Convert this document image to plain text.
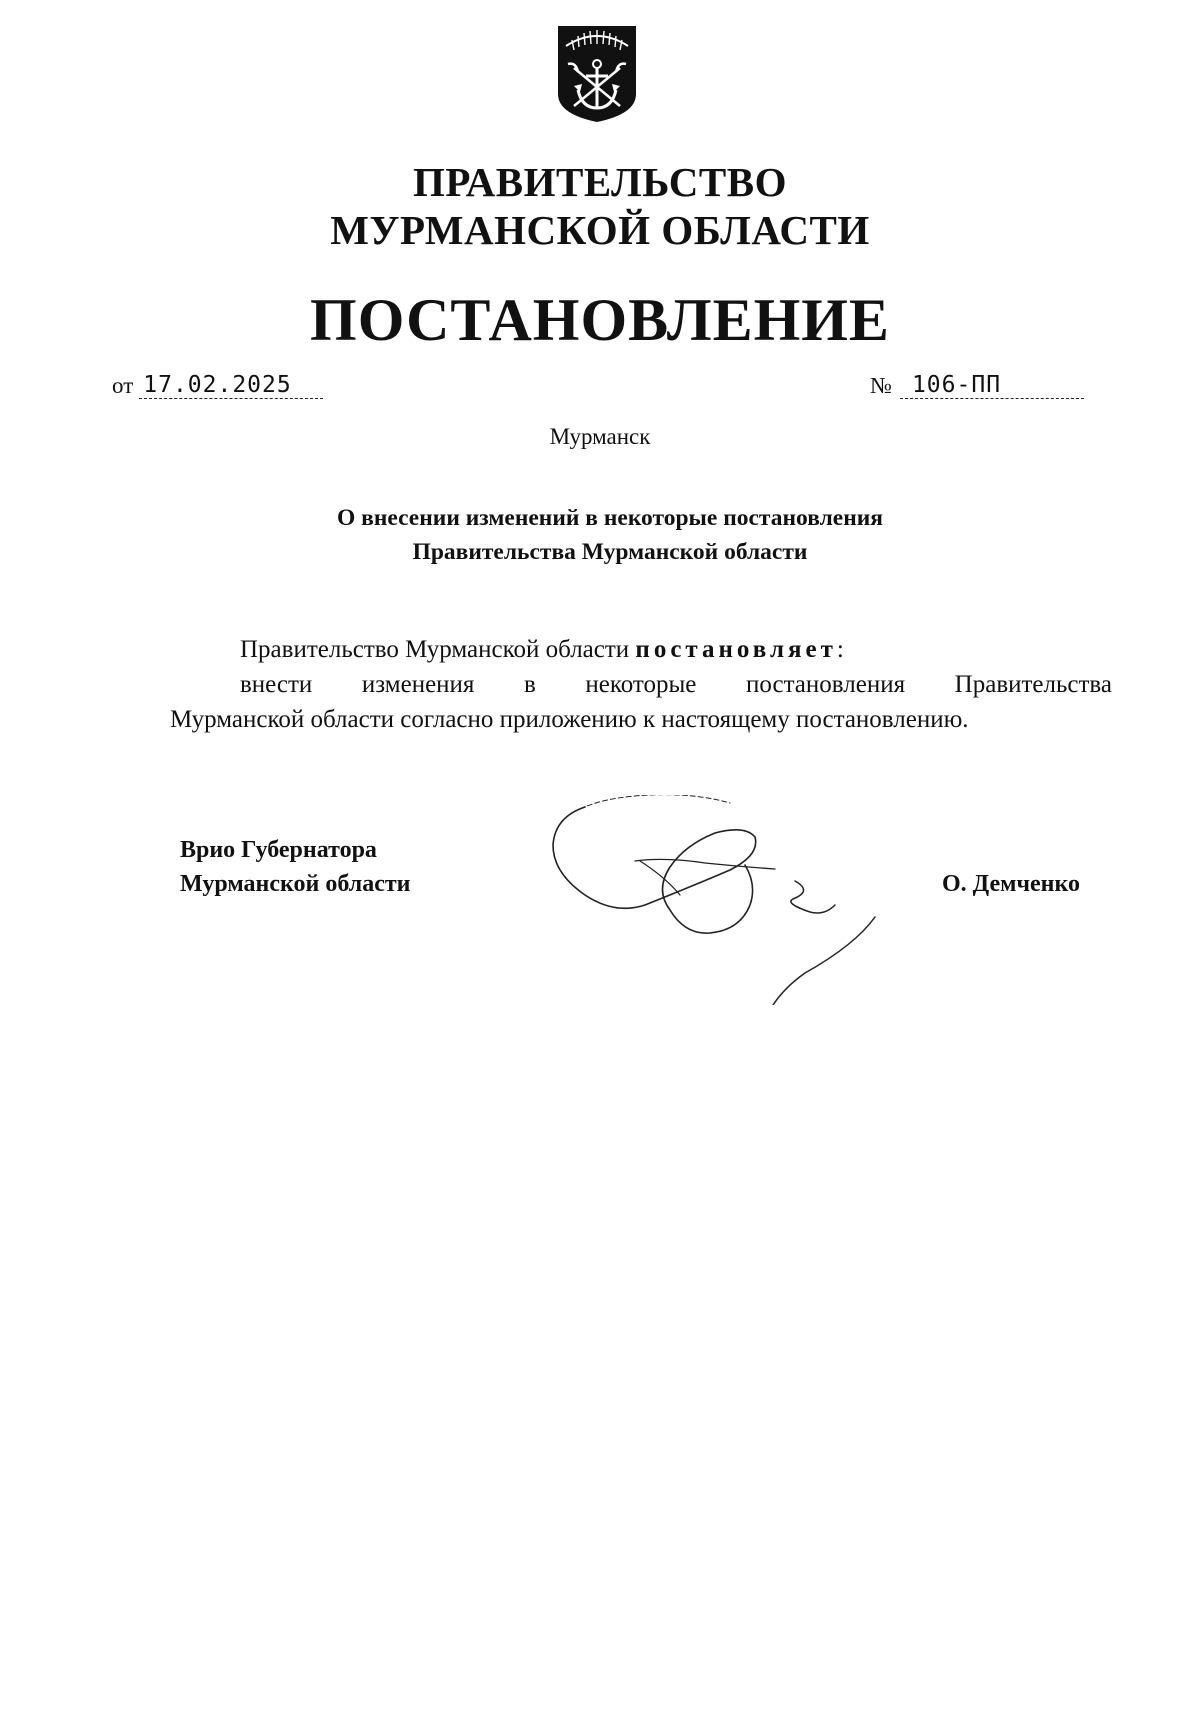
ПРАВИТЕЛЬСТВО
МУРМАНСКОЙ ОБЛАСТИ
ПОСТАНОВЛЕНИЕ
от 17.02.2025	№ 106-ПП
Мурманск
О внесении изменений в некоторые постановления
Правительства Мурманской области
Правительство Мурманской области постановляет:
внести изменения в некоторые постановления Правительства
Мурманской области согласно приложению к настоящему постановлению.
Врио Губернатора
Мурманской области	О. Демченко
